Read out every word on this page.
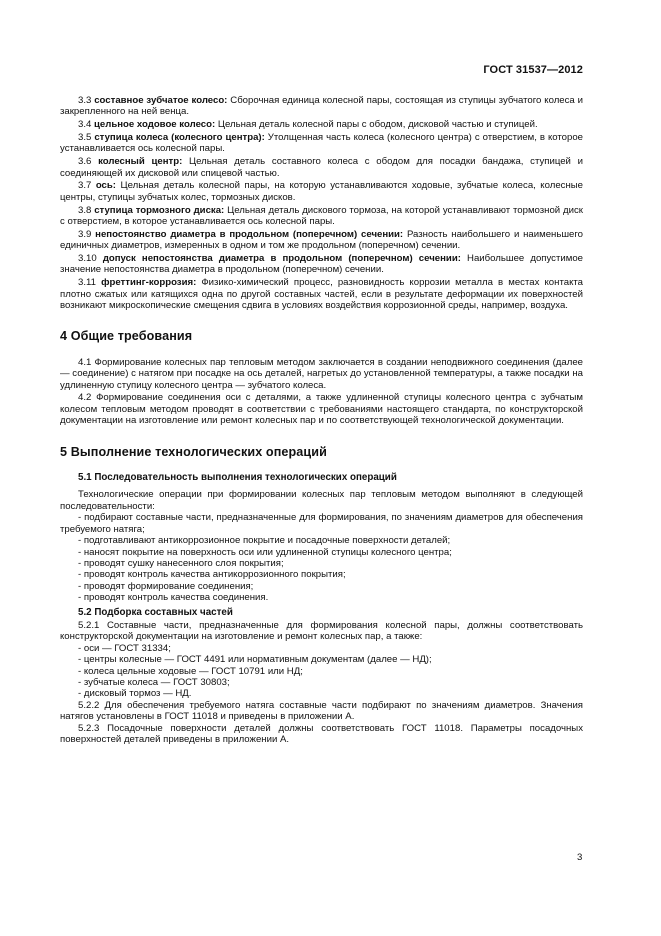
ГОСТ 31537—2012

3.3 составное зубчатое колесо: Сборочная единица колесной пары, состоящая из ступицы зубчатого колеса и закрепленного на ней венца.

3.4 цельное ходовое колесо: Цельная деталь колесной пары с ободом, дисковой частью и ступицей.

3.5 ступица колеса (колесного центра): Утолщенная часть колеса (колесного центра) с отверстием, в которое устанавливается ось колесной пары.

3.6 колесный центр: Цельная деталь составного колеса с ободом для посадки бандажа, ступицей и соединяющей их дисковой или спицевой частью.

3.7 ось: Цельная деталь колесной пары, на которую устанавливаются ходовые, зубчатые колеса, колесные центры, ступицы зубчатых колес, тормозных дисков.

3.8 ступица тормозного диска: Цельная деталь дискового тормоза, на которой устанавливают тормозной диск с отверстием, в которое устанавливается ось колесной пары.

3.9 непостоянство диаметра в продольном (поперечном) сечении: Разность наибольшего и наименьшего единичных диаметров, измеренных в одном и том же продольном (поперечном) сечении.

3.10 допуск непостоянства диаметра в продольном (поперечном) сечении: Наибольшее допустимое значение непостоянства диаметра в продольном (поперечном) сечении.

3.11 фреттинг-коррозия: Физико-химический процесс, разновидность коррозии металла в местах контакта плотно сжатых или катящихся одна по другой составных частей, если в результате деформации их поверхностей возникают микроскопические смещения сдвига в условиях воздействия коррозионной среды, например, воздуха.

4 Общие требования

4.1 Формирование колесных пар тепловым методом заключается в создании неподвижного соединения (далее — соединение) с натягом при посадке на ось деталей, нагретых до установленной температуры, а также посадки на удлиненную ступицу колесного центра — зубчатого колеса.

4.2 Формирование соединения оси с деталями, а также удлиненной ступицы колесного центра с зубчатым колесом тепловым методом проводят в соответствии с требованиями настоящего стандарта, по конструкторской документации на изготовление или ремонт колесных пар и по соответствующей технологической документации.

5 Выполнение технологических операций
5.1 Последовательность выполнения технологических операций

Технологические операции при формировании колесных пар тепловым методом выполняют в следующей последовательности:

- подбирают составные части, предназначенные для формирования, по значениям диаметров для обеспечения требуемого натяга;
- подготавливают антикоррозионное покрытие и посадочные поверхности деталей;
- наносят покрытие на поверхность оси или удлиненной ступицы колесного центра;
- проводят сушку нанесенного слоя покрытия;
- проводят контроль качества антикоррозионного покрытия;
- проводят формирование соединения;
- проводят контроль качества соединения.
5.2 Подборка составных частей

5.2.1 Составные части, предназначенные для формирования колесной пары, должны соответствовать конструкторской документации на изготовление и ремонт колесных пар, а также:

- оси — ГОСТ 31334;
- центры колесные — ГОСТ 4491 или нормативным документам (далее — НД);
- колеса цельные ходовые — ГОСТ 10791 или НД;
- зубчатые колеса — ГОСТ 30803;
- дисковый тормоз — НД.

5.2.2 Для обеспечения требуемого натяга составные части подбирают по значениям диаметров. Значения натягов установлены в ГОСТ 11018 и приведены в приложении А.

5.2.3 Посадочные поверхности деталей должны соответствовать ГОСТ 11018. Параметры посадочных поверхностей деталей приведены в приложении А.

3
